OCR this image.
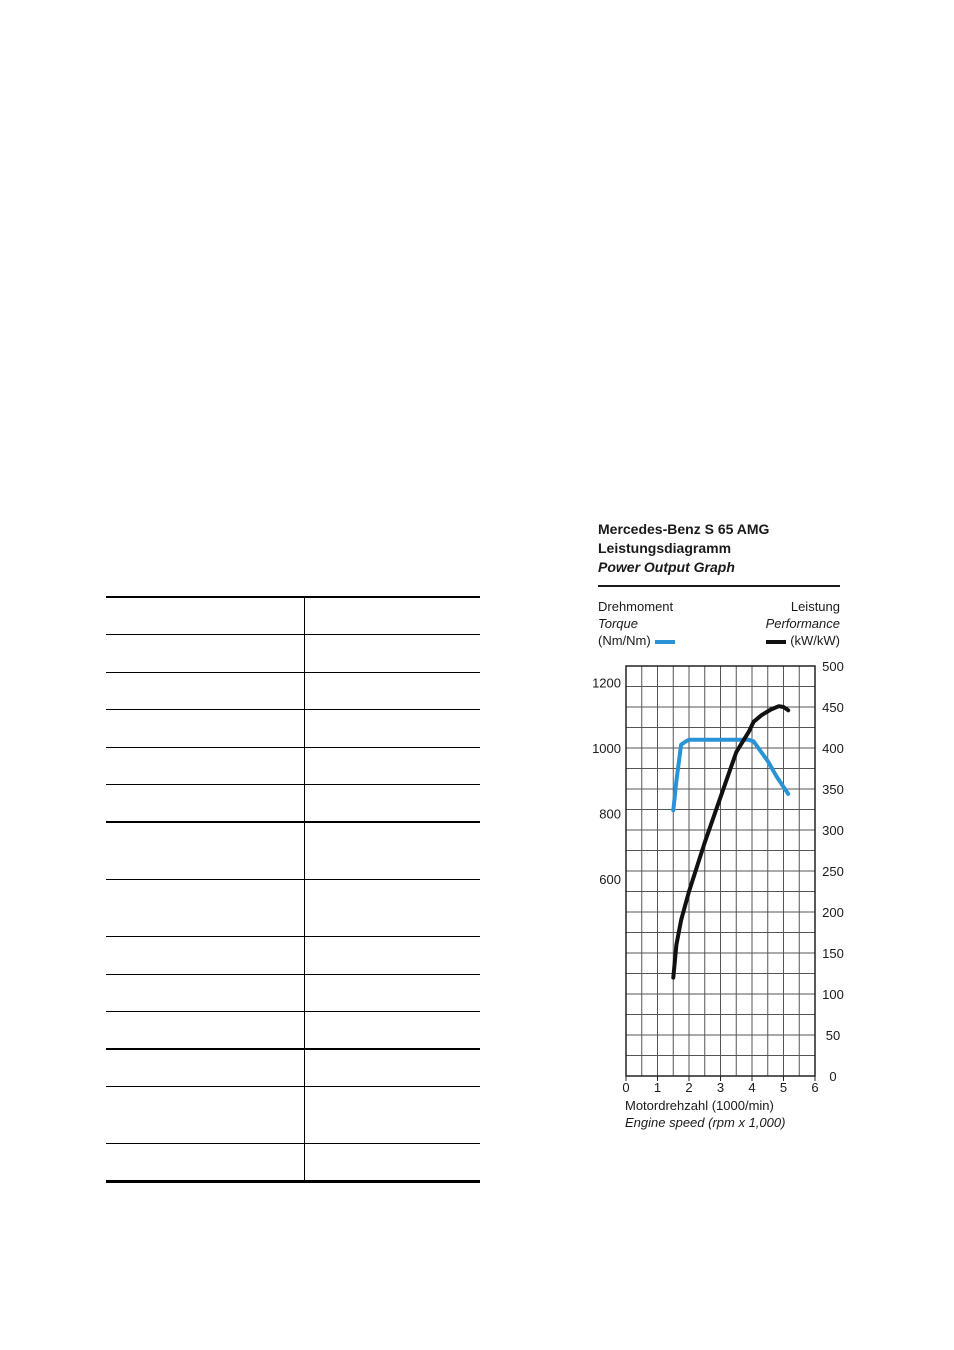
Mercedes-Benz S 65 AMG
Leistungsdiagramm
Power Output Graph
Drehmoment
Torque
(Nm/Nm)
Leistung
Performance
(kW/kW)
0 1 2 3 4 5 6
0
50
100
150
200
250
300
350
400
450
500
600
800
1000
1200
Motordrehzahl (1000/min)
Engine speed (rpm x 1,000)
